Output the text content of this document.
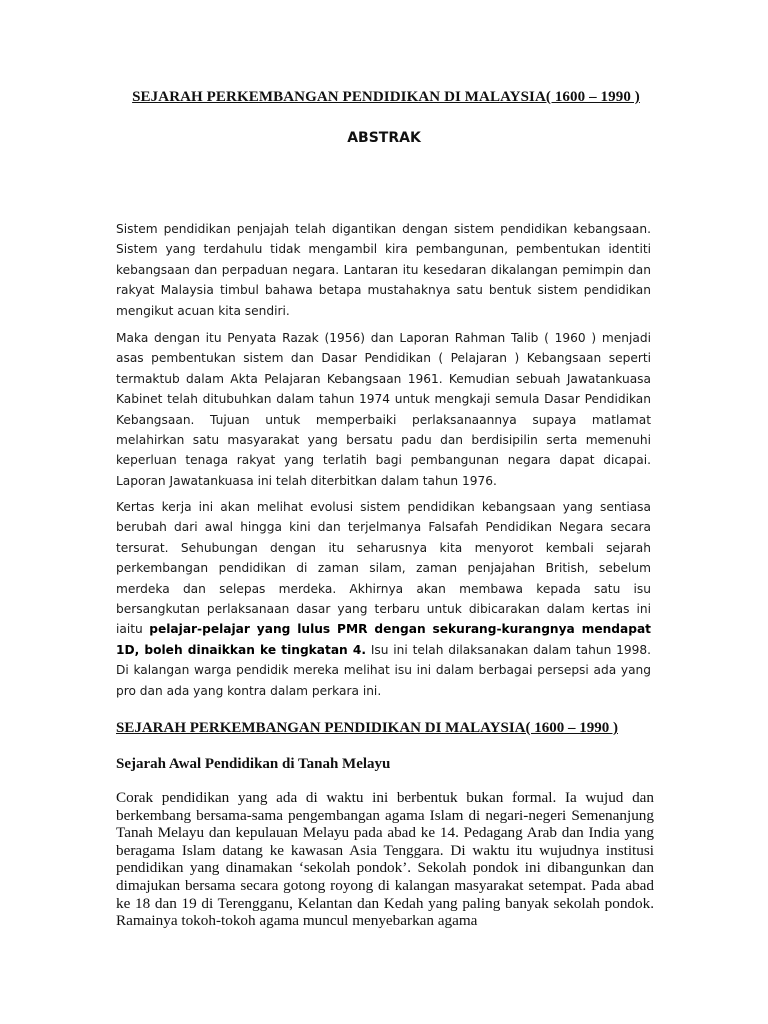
SEJARAH PERKEMBANGAN PENDIDIKAN DI MALAYSIA( 1600 – 1990 )
ABSTRAK
Sistem pendidikan penjajah telah digantikan dengan sistem pendidikan kebangsaan. Sistem yang terdahulu tidak mengambil kira pembangunan, pembentukan identiti kebangsaan dan perpaduan negara. Lantaran itu kesedaran dikalangan pemimpin dan rakyat Malaysia timbul bahawa betapa mustahaknya satu bentuk sistem pendidikan mengikut acuan kita sendiri.
Maka dengan itu Penyata Razak (1956) dan Laporan Rahman Talib ( 1960 ) menjadi asas pembentukan sistem dan Dasar Pendidikan ( Pelajaran ) Kebangsaan seperti termaktub dalam Akta Pelajaran Kebangsaan 1961. Kemudian sebuah Jawatankuasa Kabinet telah ditubuhkan dalam tahun 1974 untuk mengkaji semula Dasar Pendidikan Kebangsaan. Tujuan untuk memperbaiki perlaksanaannya supaya matlamat melahirkan satu masyarakat yang bersatu padu dan berdisipilin serta memenuhi keperluan tenaga rakyat yang terlatih bagi pembangunan negara dapat dicapai. Laporan Jawatankuasa ini telah diterbitkan dalam tahun 1976.
Kertas kerja ini akan melihat evolusi sistem pendidikan kebangsaan yang sentiasa berubah dari awal hingga kini dan terjelmanya Falsafah Pendidikan Negara secara tersurat. Sehubungan dengan itu seharusnya kita menyorot kembali sejarah perkembangan pendidikan di zaman silam, zaman penjajahan British, sebelum merdeka dan selepas merdeka. Akhirnya akan membawa kepada satu isu bersangkutan perlaksanaan dasar yang terbaru untuk dibicarakan dalam kertas ini iaitu pelajar-pelajar yang lulus PMR dengan sekurang-kurangnya mendapat 1D, boleh dinaikkan ke tingkatan 4. Isu ini telah dilaksanakan dalam tahun 1998. Di kalangan warga pendidik mereka melihat isu ini dalam berbagai persepsi ada yang pro dan ada yang kontra dalam perkara ini.
SEJARAH PERKEMBANGAN PENDIDIKAN DI MALAYSIA( 1600 – 1990 )
Sejarah Awal Pendidikan di Tanah Melayu
Corak pendidikan yang ada di waktu ini berbentuk bukan formal. Ia wujud dan berkembang bersama-sama pengembangan agama Islam di negari-negeri Semenanjung Tanah Melayu dan kepulauan Melayu pada abad ke 14. Pedagang Arab dan India yang beragama Islam datang ke kawasan Asia Tenggara. Di waktu itu wujudnya institusi pendidikan yang dinamakan ‘sekolah pondok’. Sekolah pondok ini dibangunkan dan dimajukan bersama secara gotong royong di kalangan masyarakat setempat. Pada abad ke 18 dan 19 di Terengganu, Kelantan dan Kedah yang paling banyak sekolah pondok. Ramainya tokoh-tokoh agama muncul menyebarkan agama
